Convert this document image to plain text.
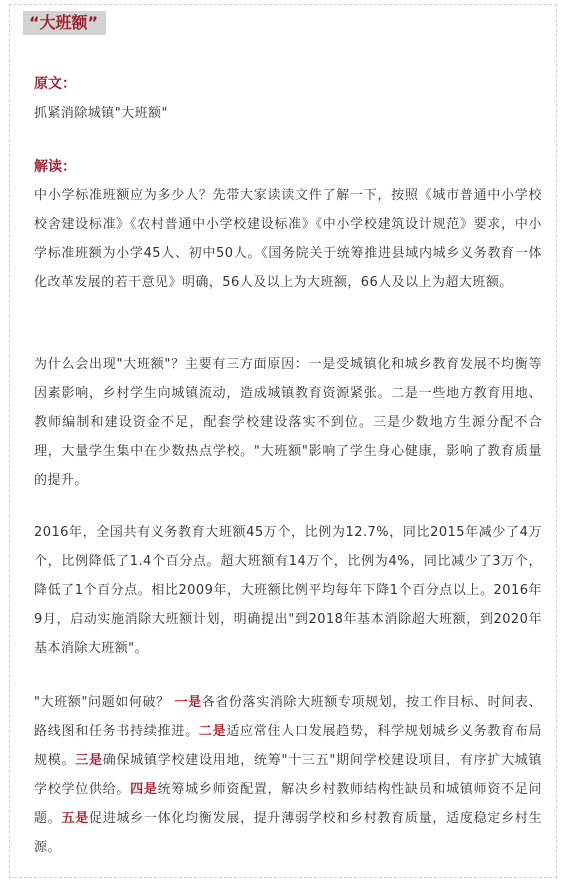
“大班额”
原文：

抓紧消除城镇"大班额"

解读：

中小学标准班额应为多少人？先带大家读读文件了解一下，按照《城市普通中小学校校舍建设标准》《农村普通中小学校建设标准》《中小学校建筑设计规范》要求，中小学标准班额为小学45人、初中50人。《国务院关于统筹推进县域内城乡义务教育一体化改革发展的若干意见》明确，56人及以上为大班额，66人及以上为超大班额。

为什么会出现"大班额"？主要有三方面原因：一是受城镇化和城乡教育发展不均衡等因素影响，乡村学生向城镇流动，造成城镇教育资源紧张。二是一些地方教育用地、教师编制和建设资金不足，配套学校建设落实不到位。三是少数地方生源分配不合理，大量学生集中在少数热点学校。"大班额"影响了学生身心健康，影响了教育质量的提升。

2016年，全国共有义务教育大班额45万个，比例为12.7%，同比2015年减少了4万个，比例降低了1.4个百分点。超大班额有14万个，比例为4%，同比减少了3万个，降低了1个百分点。相比2009年，大班额比例平均每年下降1个百分点以上。2016年9月，启动实施消除大班额计划，明确提出"到2018年基本消除超大班额，到2020年基本消除大班额"。

"大班额"问题如何破？ 一是各省份落实消除大班额专项规划，按工作目标、时间表、路线图和任务书持续推进。二是适应常住人口发展趋势，科学规划城乡义务教育布局规模。三是确保城镇学校建设用地，统筹"十三五"期间学校建设项目，有序扩大城镇学校学位供给。四是统筹城乡师资配置，解决乡村教师结构性缺员和城镇师资不足问题。五是促进城乡一体化均衡发展，提升薄弱学校和乡村教育质量，适度稳定乡村生源。
